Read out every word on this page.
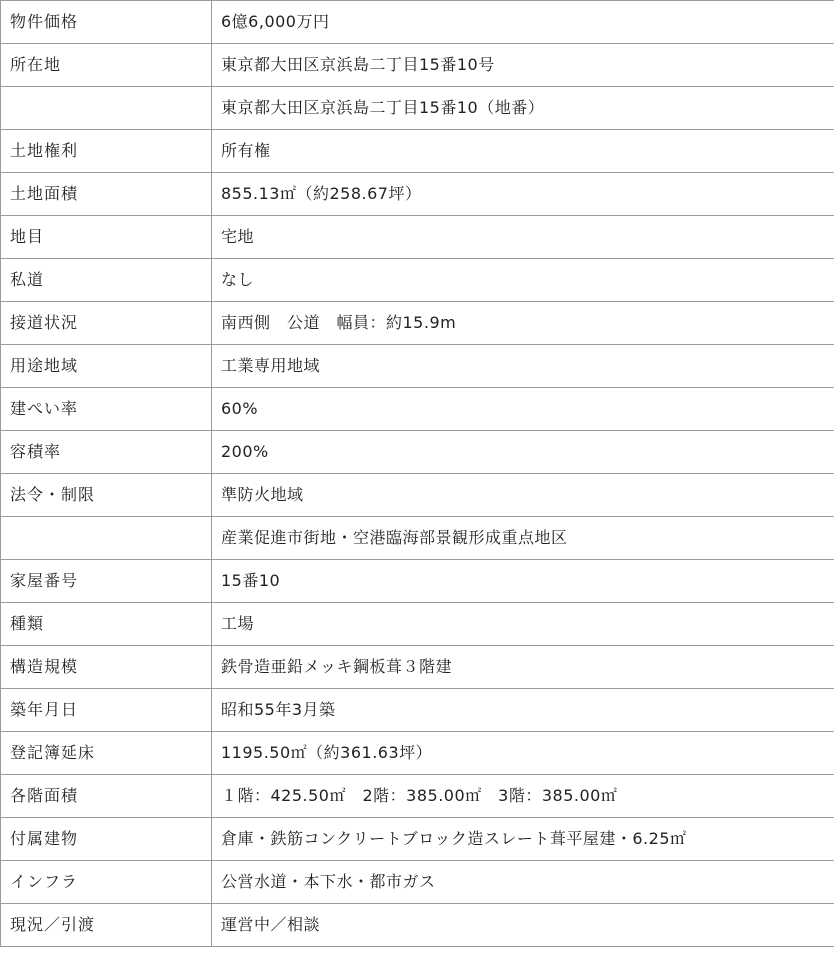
物件価格	6億6,000万円
所在地	東京都大田区京浜島二丁目15番10号
	東京都大田区京浜島二丁目15番10（地番）
土地権利	所有権
土地面積	855.13㎡（約258.67坪）
地目	宅地
私道	なし
接道状況	南西側　公道　幅員：約15.9m
用途地域	工業専用地域
建ぺい率	60%
容積率	200%
法令・制限	準防火地域
	産業促進市街地・空港臨海部景観形成重点地区
家屋番号	15番10
種類	工場
構造規模	鉄骨造亜鉛メッキ鋼板葺３階建
築年月日	昭和55年3月築
登記簿延床	1195.50㎡（約361.63坪）
各階面積	１階：425.50㎡　2階：385.00㎡　3階：385.00㎡
付属建物	倉庫・鉄筋コンクリートブロック造スレート葺平屋建・6.25㎡
インフラ	公営水道・本下水・都市ガス
現況／引渡	運営中／相談
